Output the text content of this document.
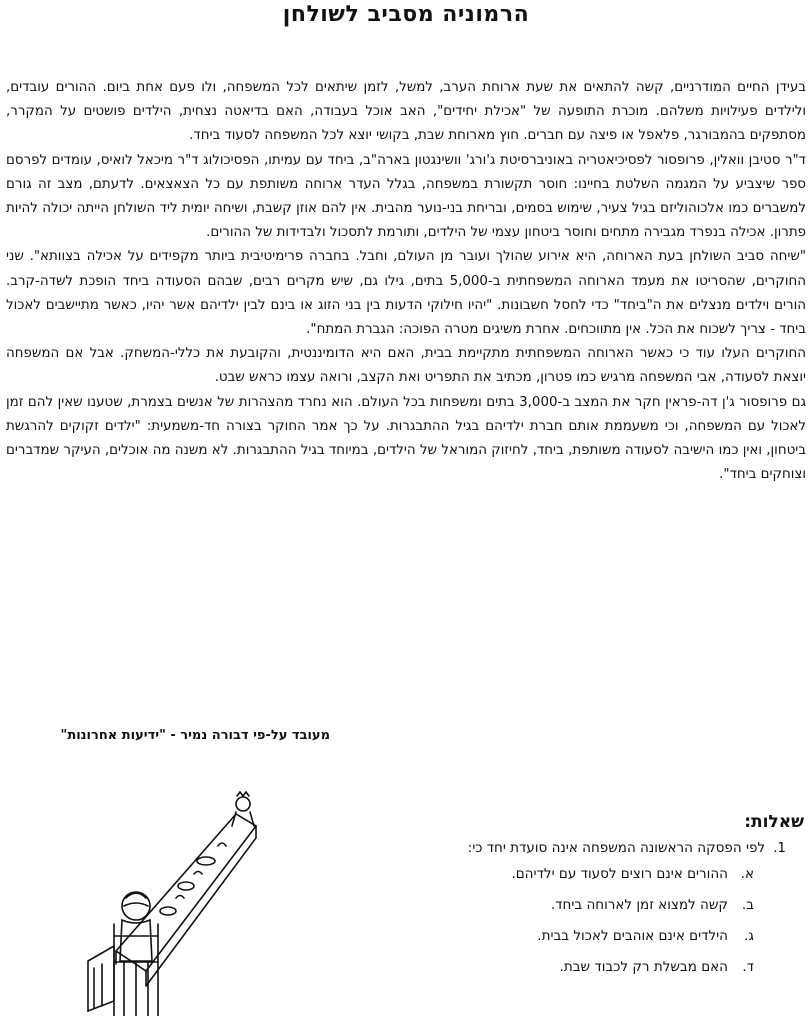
הרמוניה מסביב לשולחן

בעידן החיים המודרניים, קשה להתאים את שעת ארוחת הערב, למשל, לזמן שיתאים לכל המשפחה, ולו פעם אחת ביום. ההורים עובדים, ולילדים פעילויות משלהם. מוכרת התופעה של "אכילת יחידים", האב אוכל בעבודה, האם בדיאטה נצחית, הילדים פושטים על המקרר, מסתפקים בהמבורגר, פלאפל או פיצה עם חברים. חוץ מארוחת שבת, בקושי יוצא לכל המשפחה לסעוד ביחד.

ד"ר סטיבן וואלין, פרופסור לפסיכיאטריה באוניברסיטת ג'ורג' וושינגטון בארה"ב, ביחד עם עמיתו, הפסיכולוג ד"ר מיכאל לואיס, עומדים לפרסם ספר שיצביע על המגמה השלטת בחיינו: חוסר תקשורת במשפחה, בגלל העדר ארוחה משותפת עם כל הצאצאים. לדעתם, מצב זה גורם למשברים כמו אלכוהוליזם בגיל צעיר, שימוש בסמים, ובריחת בני-נוער מהבית. אין להם אוזן קשבת, ושיחה יומית ליד השולחן הייתה יכולה להיות פתרון. אכילה בנפרד מגבירה מתחים וחוסר ביטחון עצמי של הילדים, ותורמת לתסכול ולבדידות של ההורים.

"שיחה סביב השולחן בעת הארוחה, היא אירוע שהולך ועובר מן העולם, וחבל. בחברה פרימיטיבית ביותר מקפידים על אכילה בצוותא". שני החוקרים, שהסריטו את מעמד הארוחה המשפחתית ב-5,000 בתים, גילו גם, שיש מקרים רבים, שבהם הסעודה ביחד הופכת לשדה-קרב. הורים וילדים מנצלים את ה"ביחד" כדי לחסל חשבונות. "יהיו חילוקי הדעות בין בני הזוג או בינם לבין ילדיהם אשר יהיו, כאשר מתיישבים לאכול ביחד - צריך לשכוח את הכל. אין מתווכחים. אחרת משיגים מטרה הפוכה: הגברת המתח".

החוקרים העלו עוד כי כאשר הארוחה המשפחתית מתקיימת בבית, האם היא הדומיננטית, והקובעת את כללי-המשחק. אבל אם המשפחה יוצאת לסעודה, אבי המשפחה מרגיש כמו פטרון, מכתיב את התפריט ואת הקצב, ורואה עצמו כראש שבט.

גם פרופסור ג'ן דה-פראין חקר את המצב ב-3,000 בתים ומשפחות בכל העולם. הוא נחרד מהצהרות של אנשים בצמרת, שטענו שאין להם זמן לאכול עם המשפחה, וכי משעממת אותם חברת ילדיהם בגיל ההתבגרות. על כך אמר החוקר בצורה חד-משמעית: "ילדים זקוקים להרגשת ביטחון, ואין כמו הישיבה לסעודה משותפת, ביחד, לחיזוק המוראל של הילדים, במיוחד בגיל ההתבגרות. לא משנה מה אוכלים, העיקר שמדברים וצוחקים ביחד".

מעובד על-פי דבורה נמיר - "ידיעות אחרונות"
שאלות:
1.
לפי הפסקה הראשונה המשפחה אינה סועדת יחד כי:
א.
ההורים אינם רוצים לסעוד עם ילדיהם.
ב.
קשה למצוא זמן לארוחה ביחד.
ג.
הילדים אינם אוהבים לאכול בבית.
ד.
האם מבשלת רק לכבוד שבת.
